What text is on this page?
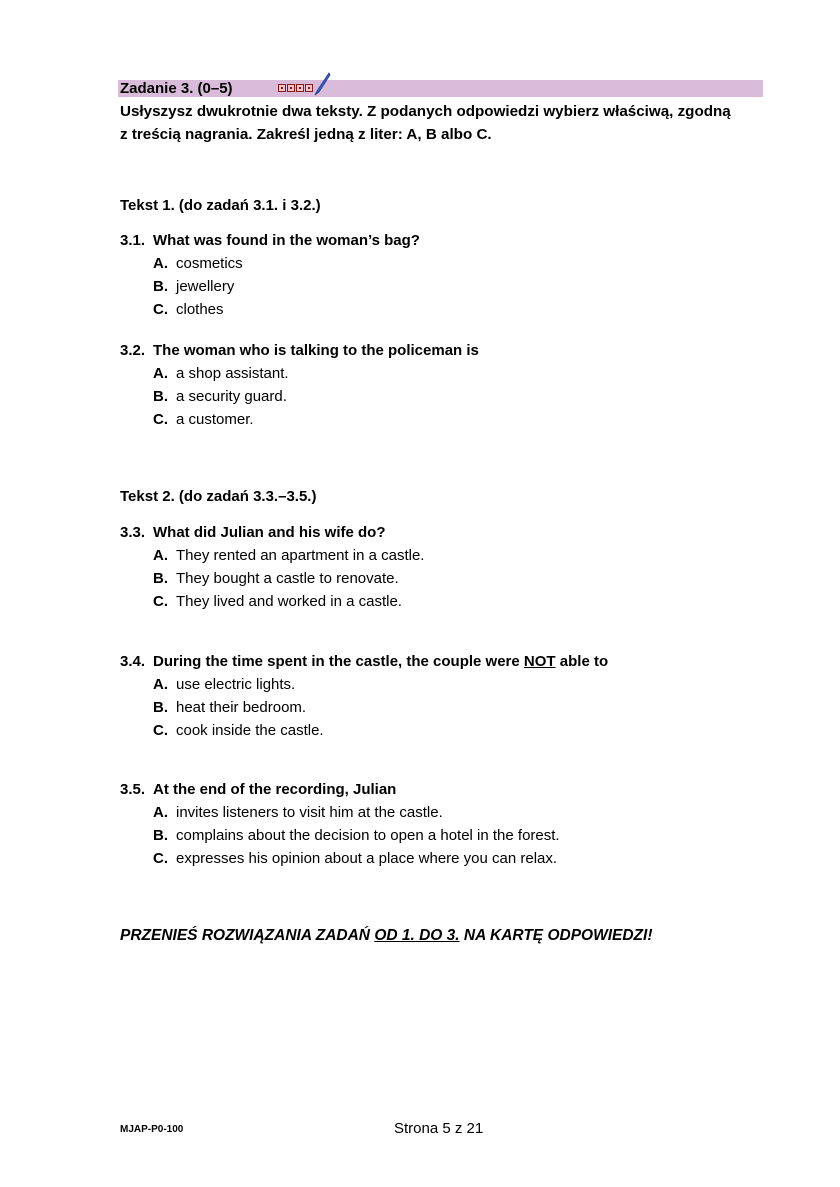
Zadanie 3. (0–5)
Usłyszysz dwukrotnie dwa teksty. Z podanych odpowiedzi wybierz właściwą, zgodną
z treścią nagrania. Zakreśl jedną z liter: A, B albo C.
Tekst 1. (do zadań 3.1. i 3.2.)
3.1. What was found in the woman’s bag?
A. cosmetics
B. jewellery
C. clothes
3.2. The woman who is talking to the policeman is
A. a shop assistant.
B. a security guard.
C. a customer.
Tekst 2. (do zadań 3.3.–3.5.)
3.3. What did Julian and his wife do?
A. They rented an apartment in a castle.
B. They bought a castle to renovate.
C. They lived and worked in a castle.
3.4. During the time spent in the castle, the couple were NOT able to
A. use electric lights.
B. heat their bedroom.
C. cook inside the castle.
3.5. At the end of the recording, Julian
A. invites listeners to visit him at the castle.
B. complains about the decision to open a hotel in the forest.
C. expresses his opinion about a place where you can relax.
PRZENIEŚ ROZWIĄZANIA ZADAŃ OD 1. DO 3. NA KARTĘ ODPOWIEDZI!
MJAP-P0-100	Strona 5 z 21
